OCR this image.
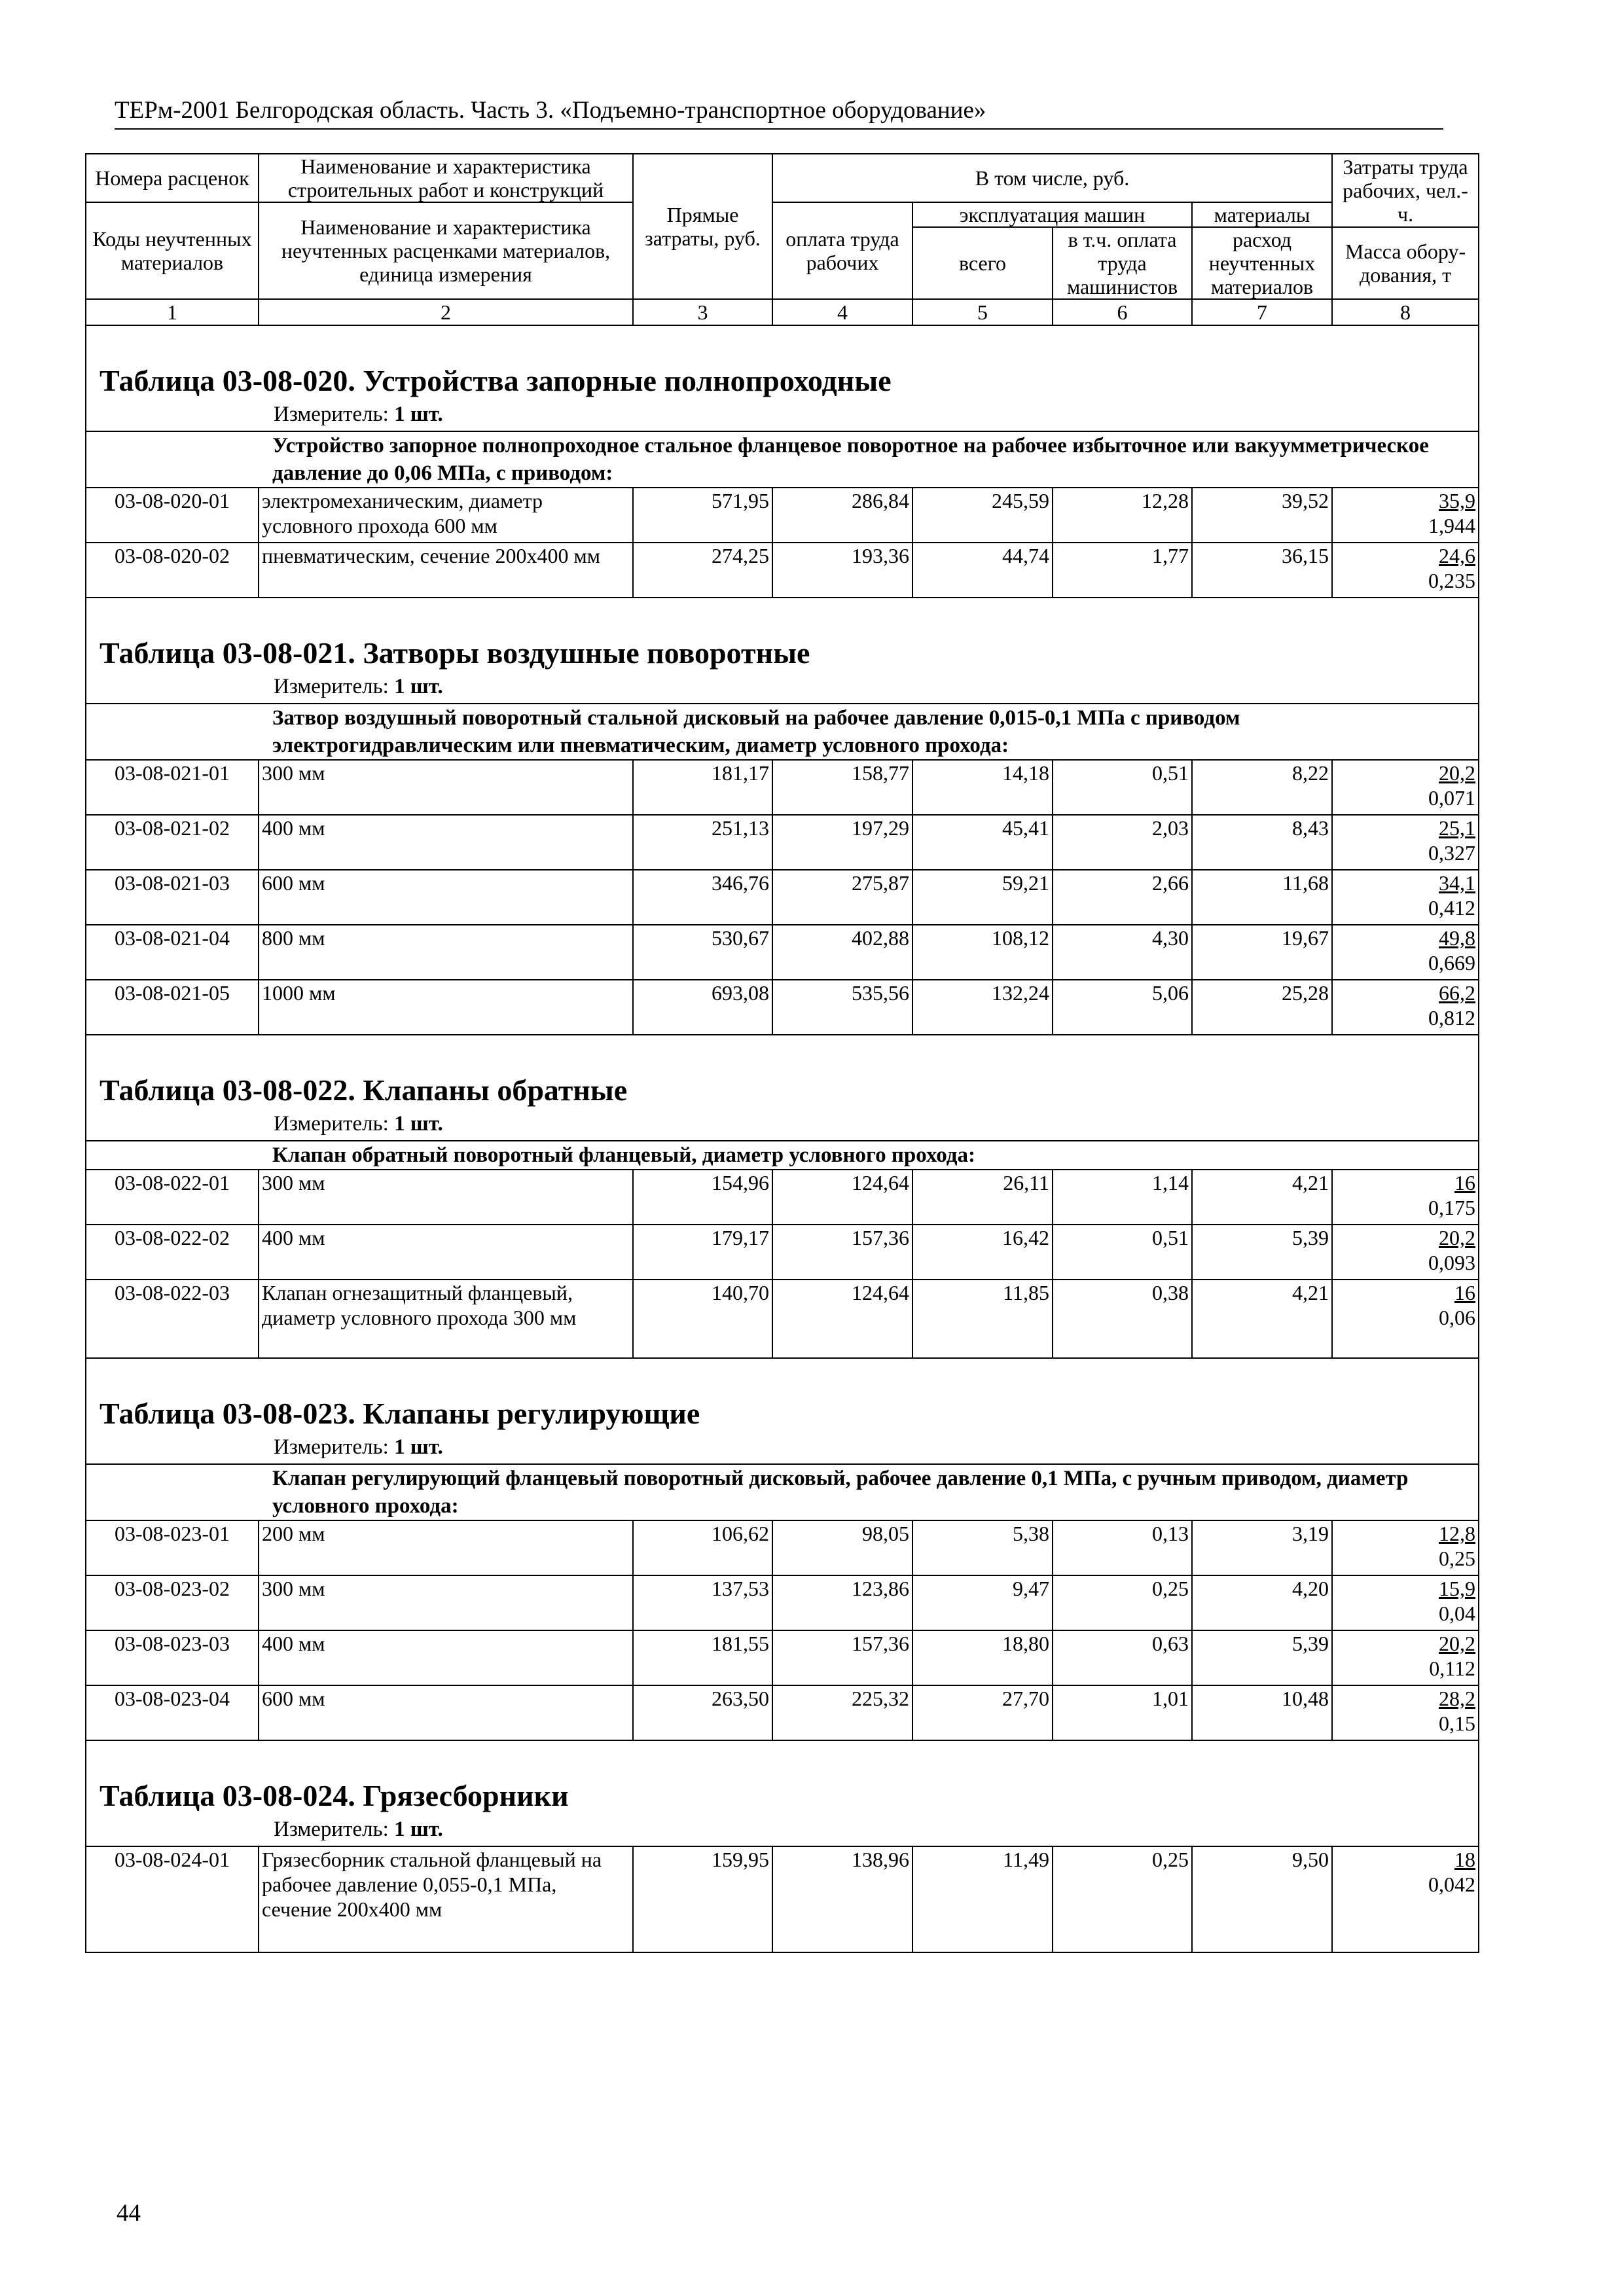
ТЕРм-2001 Белгородская область. Часть 3. «Подъемно-транспортное оборудование»
Номера расценок	Наименование и характеристика строительных работ и конструкций	Прямые затраты, руб.	В том числе, руб.				Затраты труда рабочих, чел.-ч.
Коды неучтенных материалов	Наименование и характеристика неучтенных расценками материалов, единица измерения		оплата труда рабочих	эксплуатация машин		материалы	
				всего	в т.ч. оплата труда машинистов	расход неучтенных материалов	Масса обору-дования, т
1	2	3	4	5	6	7	8

Таблица 03-08-020. Устройства запорные полнопроходные
Измеритель: 1 шт.							

Устройство запорное полнопроходное стальное фланцевое поворотное на рабочее избыточное или вакуумметрическое давление до 0,06 МПа, с приводом:							
03-08-020-01	электромеханическим, диаметр условного прохода 600 мм	571,95	286,84	245,59	12,28	39,52	35,9
1,944

03-08-020-02	пневматическим, сечение 200х400 мм	274,25	193,36	44,74	1,77	36,15	24,6
0,235

Таблица 03-08-021. Затворы воздушные поворотные
Измеритель: 1 шт.							

Затвор воздушный поворотный стальной дисковый на рабочее давление 0,015-0,1 МПа с приводом электрогидравлическим или пневматическим, диаметр условного прохода:							
03-08-021-01	300 мм	181,17	158,77	14,18	0,51	8,22	20,2
0,071

03-08-021-02	400 мм	251,13	197,29	45,41	2,03	8,43	25,1
0,327

03-08-021-03	600 мм	346,76	275,87	59,21	2,66	11,68	34,1
0,412

03-08-021-04	800 мм	530,67	402,88	108,12	4,30	19,67	49,8
0,669

03-08-021-05	1000 мм	693,08	535,56	132,24	5,06	25,28	66,2
0,812

Таблица 03-08-022. Клапаны обратные
Измеритель: 1 шт.							

Клапан обратный поворотный фланцевый, диаметр условного прохода:							
03-08-022-01	300 мм	154,96	124,64	26,11	1,14	4,21	16
0,175

03-08-022-02	400 мм	179,17	157,36	16,42	0,51	5,39	20,2
0,093

03-08-022-03	Клапан огнезащитный фланцевый, диаметр условного прохода 300 мм	140,70	124,64	11,85	0,38	4,21	16
0,06

Таблица 03-08-023. Клапаны регулирующие
Измеритель: 1 шт.							

Клапан регулирующий фланцевый поворотный дисковый, рабочее давление 0,1 МПа, с ручным приводом, диаметр условного прохода:							
03-08-023-01	200 мм	106,62	98,05	5,38	0,13	3,19	12,8
0,25

03-08-023-02	300 мм	137,53	123,86	9,47	0,25	4,20	15,9
0,04

03-08-023-03	400 мм	181,55	157,36	18,80	0,63	5,39	20,2
0,112

03-08-023-04	600 мм	263,50	225,32	27,70	1,01	10,48	28,2
0,15

Таблица 03-08-024. Грязесборники
Измеритель: 1 шт.							

03-08-024-01	Грязесборник стальной фланцевый на рабочее давление 0,055-0,1 МПа, сечение 200х400 мм	159,95	138,96	11,49	0,25	9,50	18
0,042
44
